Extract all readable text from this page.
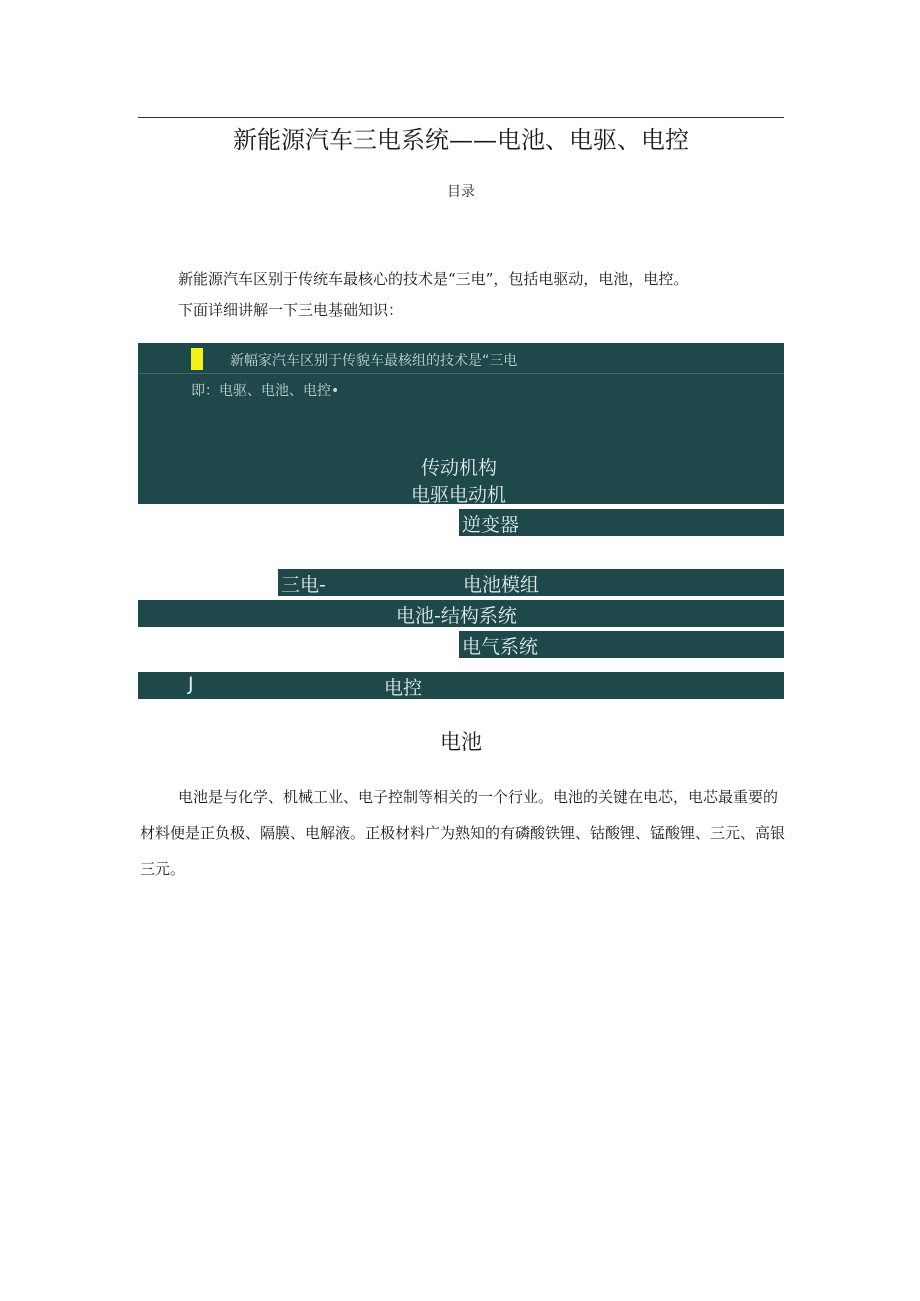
新能源汽车三电系统——电池、电驱、电控
目录

新能源汽车区别于传统车最核心的技术是“三电”，包括电驱动，电池，电控。

下面详细讲解一下三电基础知识：

新幅家汽车区别于传貌车最核组的技术是“三电
即：电驱、电池、电控•
传动机构
电驱电动机
逆变器
三电-	电池模组
电池-结构系统
电气系统
J	电控
电池

电池是与化学、机械工业、电子控制等相关的一个行业。电池的关键在电芯，电芯最重要的材料便是正负极、隔膜、电解液。正极材料广为熟知的有磷酸铁锂、钴酸锂、锰酸锂、三元、高银三元。
